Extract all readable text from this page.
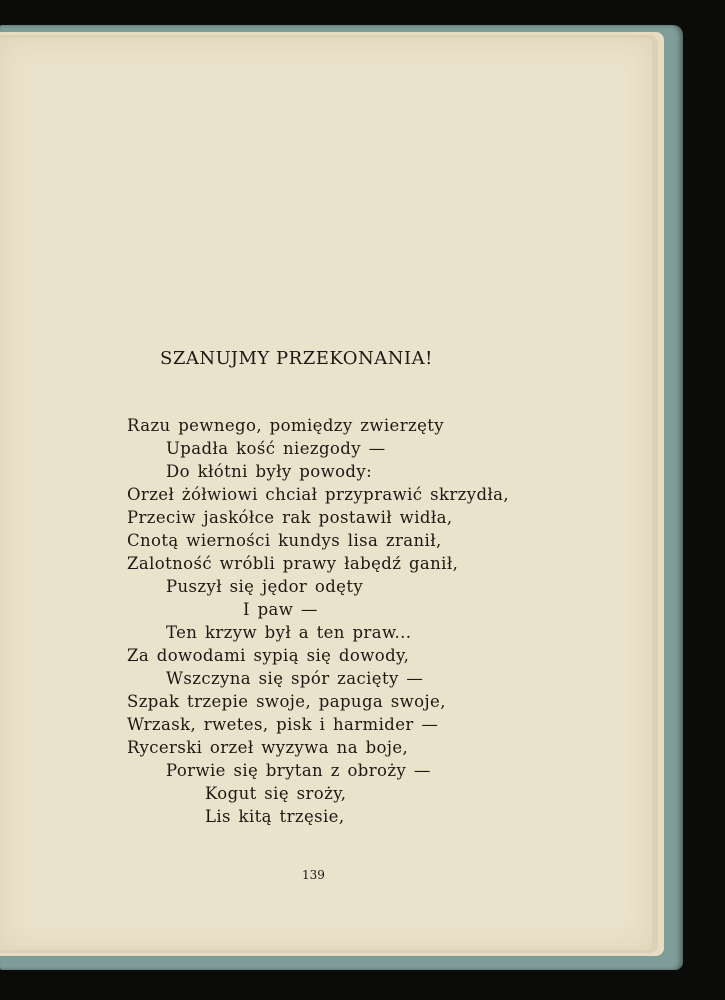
SZANUJMY PRZEKONANIA!
Razu pewnego, pomiędzy zwierzęty
Upadła kość niezgody —
Do kłótni były powody:
Orzeł żółwiowi chciał przyprawić skrzydła,
Przeciw jaskółce rak postawił widła,
Cnotą wierności kundys lisa zranił,
Zalotność wróbli prawy łabędź ganił,
Puszył się jędor odęty
I paw —
Ten krzyw był a ten praw...
Za dowodami sypią się dowody,
Wszczyna się spór zacięty —
Szpak trzepie swoje, papuga swoje,
Wrzask, rwetes, pisk i harmider —
Rycerski orzeł wyzywa na boje,
Porwie się brytan z obroży —
Kogut się sroży,
Lis kitą trzęsie,
139
